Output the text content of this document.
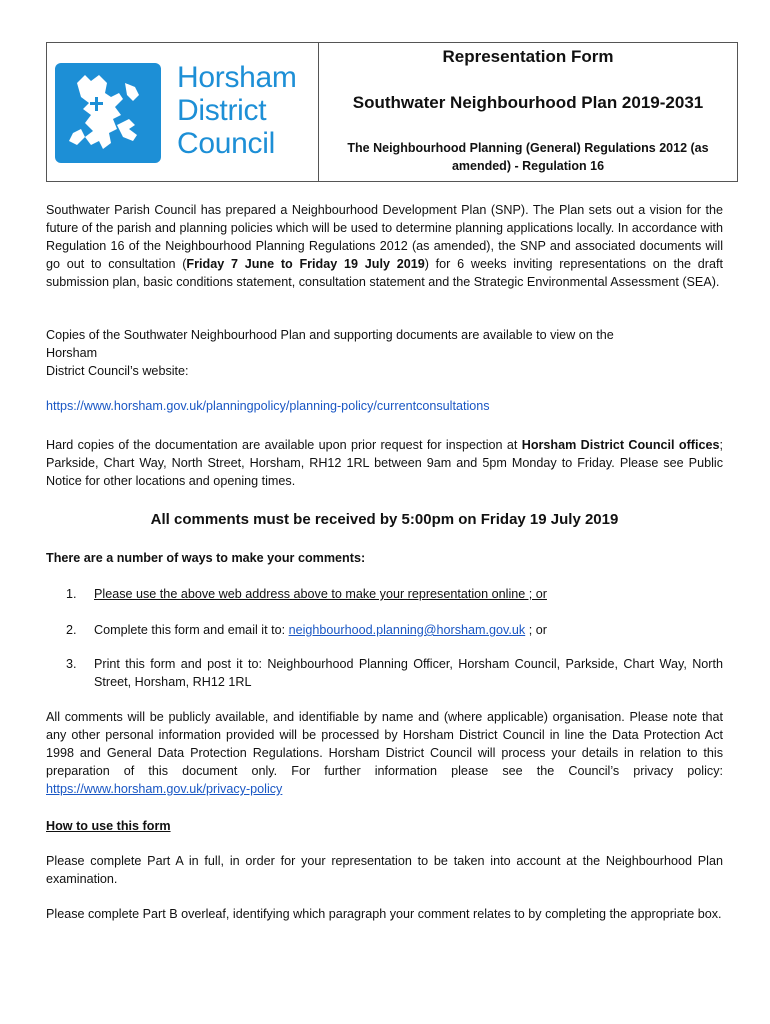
Horsham
District
Council
Representation Form
Southwater Neighbourhood Plan 2019-2031
The Neighbourhood Planning (General) Regulations 2012 (as amended) - Regulation 16

Southwater Parish Council has prepared a Neighbourhood Development Plan (SNP). The Plan sets out a vision for the future of the parish and planning policies which will be used to determine planning applications locally. In accordance with Regulation 16 of the Neighbourhood Planning Regulations 2012 (as amended), the SNP and associated documents will go out to consultation (Friday 7 June to Friday 19 July 2019) for 6 weeks inviting representations on the draft submission plan, basic conditions statement, consultation statement and the Strategic Environmental Assessment (SEA).

Copies of the Southwater Neighbourhood Plan and supporting documents are available to view on the
Horsham
District Council’s website:
https://www.horsham.gov.uk/planningpolicy/planning-policy/currentconsultations

Hard copies of the documentation are available upon prior request for inspection at Horsham District Council offices; Parkside, Chart Way, North Street, Horsham, RH12 1RL between 9am and 5pm Monday to Friday. Please see Public Notice for other locations and opening times.

All comments must be received by 5:00pm on Friday 19 July 2019
There are a number of ways to make your comments:
1. Please use the above web address above to make your representation online ; or
2. Complete this form and email it to: neighbourhood.planning@horsham.gov.uk ; or
3. Print this form and post it to: Neighbourhood Planning Officer, Horsham Council, Parkside, Chart Way, North Street, Horsham, RH12 1RL

All comments will be publicly available, and identifiable by name and (where applicable) organisation. Please note that any other personal information provided will be processed by Horsham District Council in line the Data Protection Act 1998 and General Data Protection Regulations. Horsham District Council will process your details in relation to this preparation of this document only. For further information please see the Council’s privacy policy: https://www.horsham.gov.uk/privacy-policy

How to use this form

Please complete Part A in full, in order for your representation to be taken into account at the Neighbourhood Plan examination.

Please complete Part B overleaf, identifying which paragraph your comment relates to by completing the appropriate box.
